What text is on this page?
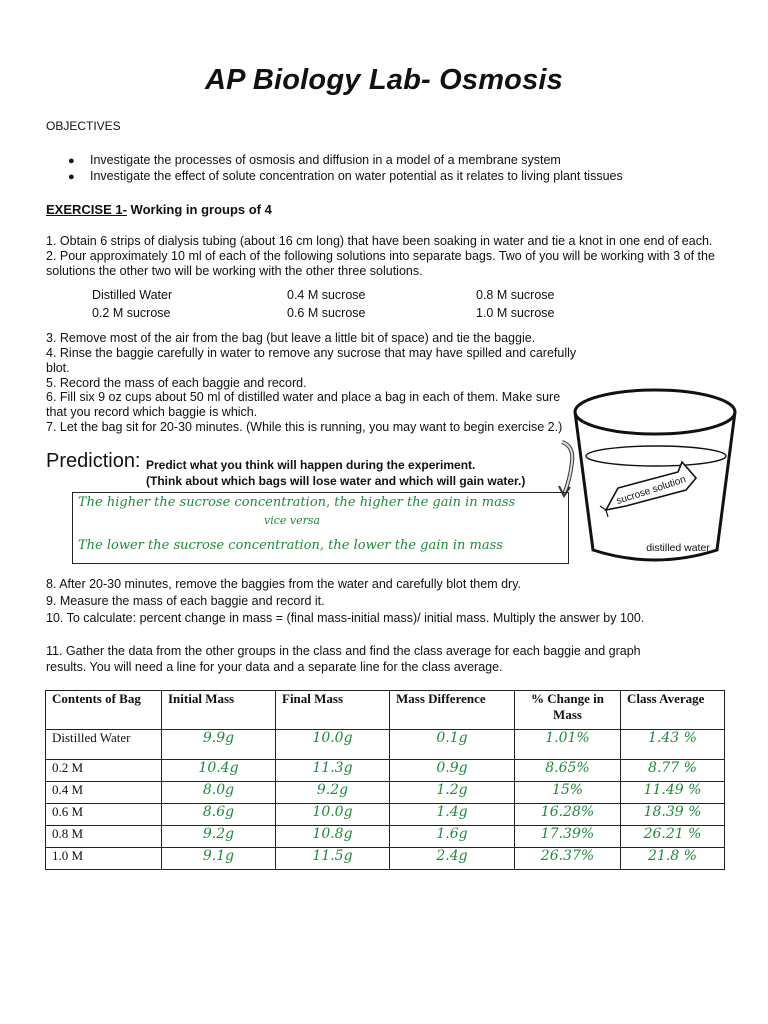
AP Biology Lab- Osmosis
OBJECTIVES
● Investigate the processes of osmosis and diffusion in a model of a membrane system
● Investigate the effect of solute concentration on water potential as it relates to living plant tissues
EXERCISE 1- Working in groups of 4
1. Obtain 6 strips of dialysis tubing (about 16 cm long) that have been soaking in water and tie a knot in one end of each.
2. Pour approximately 10 ml of each of the following solutions into separate bags. Two of you will be working with 3 of the
solutions the other two will be working with the other three solutions.
Distilled Water	0.4 M sucrose	0.8 M sucrose
0.2 M sucrose	0.6 M sucrose	1.0 M sucrose
3. Remove most of the air from the bag (but leave a little bit of space) and tie the baggie.
4. Rinse the baggie carefully in water to remove any sucrose that may have spilled and carefully
blot.
5. Record the mass of each baggie and record.
6. Fill six 9 oz cups about 50 ml of distilled water and place a bag in each of them. Make sure
that you record which baggie is which.
7. Let the bag sit for 20-30 minutes. (While this is running, you may want to begin exercise 2.)
sucrose solution
distilled water
Prediction: Predict what you think will happen during the experiment.
(Think about which bags will lose water and which will gain water.)
The higher the sucrose concentration, the higher the gain in mass
vice versa
The lower the sucrose concentration, the lower the gain in mass
8. After 20-30 minutes, remove the baggies from the water and carefully blot them dry.
9. Measure the mass of each baggie and record it.
10. To calculate: percent change in mass = (final mass-initial mass)/ initial mass. Multiply the answer by 100.
11. Gather the data from the other groups in the class and find the class average for each baggie and graph
results. You will need a line for your data and a separate line for the class average.
Contents of Bag	Initial Mass	Final Mass	Mass Difference	% Change in Mass	Class Average
Distilled Water	9.9g	10.0g	0.1g	1.01%	1.43 %
0.2 M	10.4g	11.3g	0.9g	8.65%	8.77 %
0.4 M	8.0g	9.2g	1.2g	15%	11.49 %
0.6 M	8.6g	10.0g	1.4g	16.28%	18.39 %
0.8 M	9.2g	10.8g	1.6g	17.39%	26.21 %
1.0 M	9.1g	11.5g	2.4g	26.37%	21.8 %
